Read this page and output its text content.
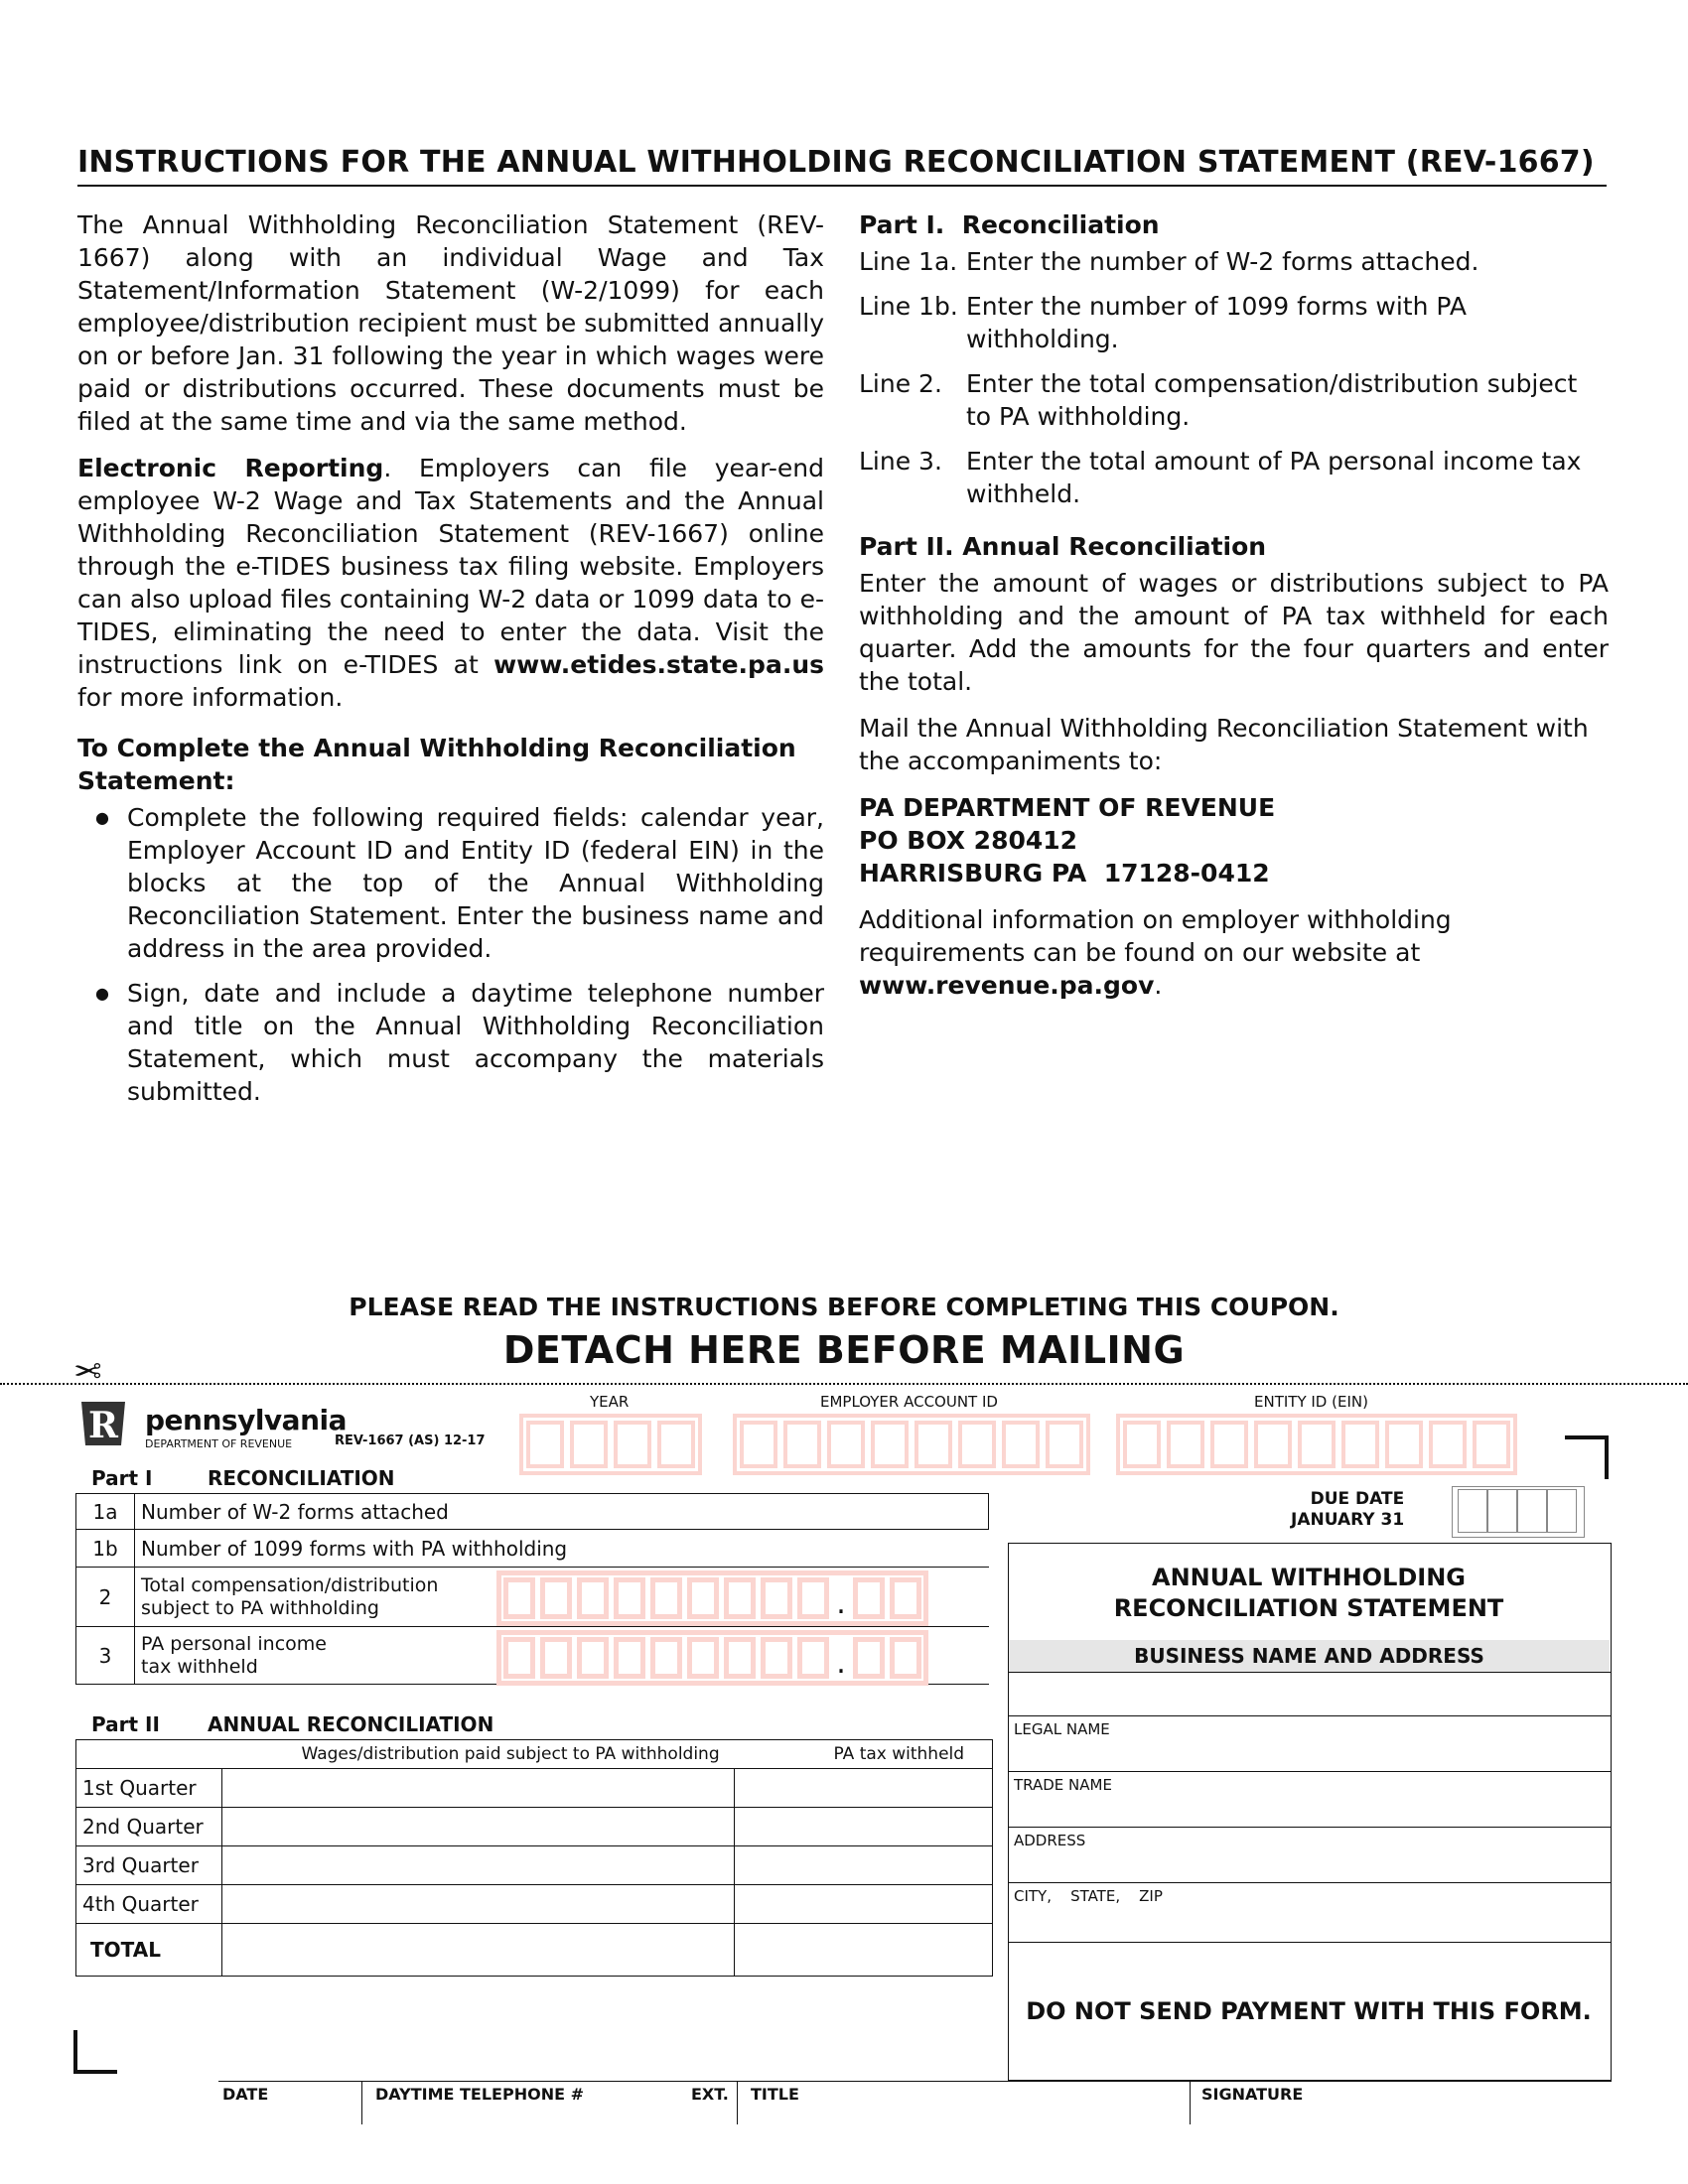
INSTRUCTIONS FOR THE ANNUAL WITHHOLDING RECONCILIATION STATEMENT (REV-1667)

The Annual Withholding Reconciliation Statement (REV-1667) along with an individual Wage and Tax Statement/Information Statement (W-2/1099) for each employee/distribution recipient must be submitted annually on or before Jan. 31 following the year in which wages were paid or distributions occurred. These documents must be filed at the same time and via the same method.

Electronic Reporting. Employers can file year-end employee W-2 Wage and Tax Statements and the Annual Withholding Reconciliation Statement (REV-1667) online through the e-TIDES business tax filing website. Employers can also upload files containing W-2 data or 1099 data to e-TIDES, eliminating the need to enter the data. Visit the instructions link on e-TIDES at www.etides.state.pa.us for more information.

To Complete the Annual Withholding Reconciliation Statement:
● Complete the following required fields: calendar year, Employer Account ID and Entity ID (federal EIN) in the blocks at the top of the Annual Withholding Reconciliation Statement. Enter the business name and address in the area provided.
● Sign, date and include a daytime telephone number and title on the Annual Withholding Reconciliation Statement, which must accompany the materials submitted.
Part I.  Reconciliation
Line 1a. Enter the number of W-2 forms attached.
Line 1b. Enter the number of 1099 forms with PA withholding.
Line 2. Enter the total compensation/distribution subject to PA withholding.
Line 3. Enter the total amount of PA personal income tax withheld.
Part II. Annual Reconciliation

Enter the amount of wages or distributions subject to PA withholding and the amount of PA tax withheld for each quarter. Add the amounts for the four quarters and enter the total.

Mail the Annual Withholding Reconciliation Statement with the accompaniments to:

PA DEPARTMENT OF REVENUE
PO BOX 280412
HARRISBURG PA  17128-0412

Additional information on employer withholding requirements can be found on our website at www.revenue.pa.gov.

PLEASE READ THE INSTRUCTIONS BEFORE COMPLETING THIS COUPON.
DETACH HERE BEFORE MAILING
✂
R pennsylvania
DEPARTMENT OF REVENUE	REV-1667 (AS) 12-17
YEAR	EMPLOYER ACCOUNT ID	ENTITY ID (EIN)
Part I	RECONCILIATION
1a	Number of W-2 forms attached
1b	Number of 1099 forms with PA withholding
2	Total compensation/distribution
subject to PA withholding

3	PA personal income
tax withheld
.
.
DUE DATE
JANUARY 31
ANNUAL WITHHOLDING
RECONCILIATION STATEMENT
BUSINESS NAME AND ADDRESS
LEGAL NAME
TRADE NAME
ADDRESS
CITY,    STATE,    ZIP
DO NOT SEND PAYMENT WITH THIS FORM.
Part II ANNUAL RECONCILIATION
	Wages/distribution paid subject to PA withholding	PA tax withheld
1st Quarter		
2nd Quarter		
3rd Quarter		
4th Quarter		
TOTAL		
DATE	DAYTIME TELEPHONE #	EXT. TITLE	SIGNATURE
